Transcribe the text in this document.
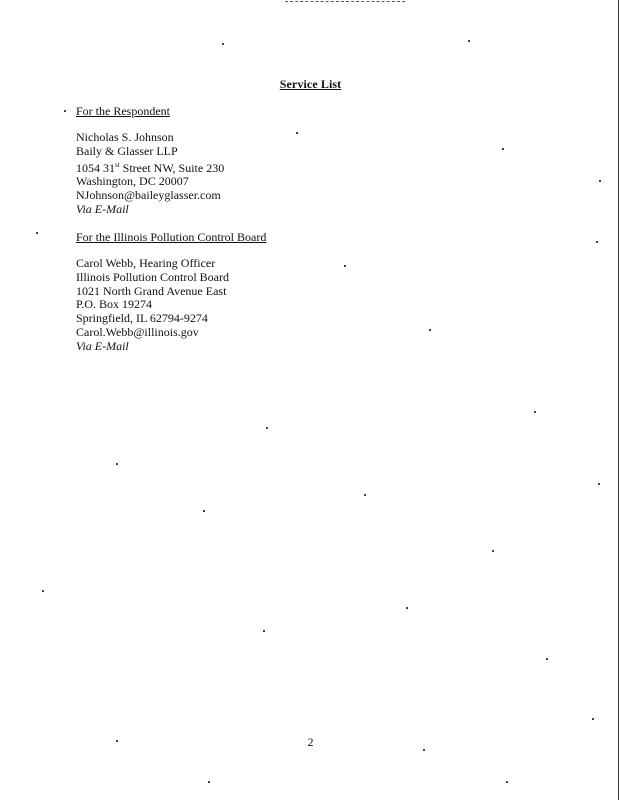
Service List
For the Respondent
Nicholas S. Johnson
Baily & Glasser LLP
1054 31st Street NW, Suite 230
Washington, DC 20007
NJohnson@baileyglasser.com
Via E-Mail
For the Illinois Pollution Control Board
Carol Webb, Hearing Officer
Illinois Pollution Control Board
1021 North Grand Avenue East
P.O. Box 19274
Springfield, IL 62794-9274
Carol.Webb@illinois.gov
Via E-Mail
2
